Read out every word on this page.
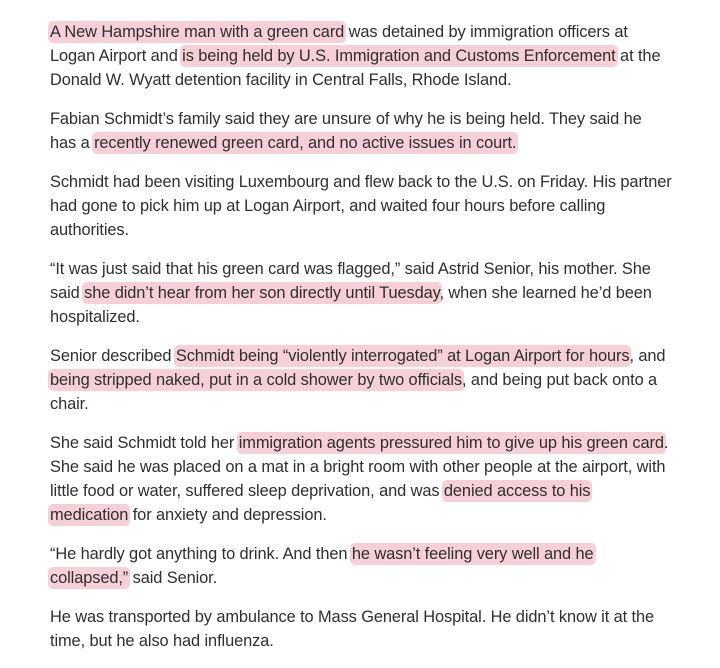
A New Hampshire man with a green card was detained by immigration officers at Logan Airport and is being held by U.S. Immigration and Customs Enforcement at the Donald W. Wyatt detention facility in Central Falls, Rhode Island.

Fabian Schmidt’s family said they are unsure of why he is being held. They said he has a recently renewed green card, and no active issues in court.

Schmidt had been visiting Luxembourg and flew back to the U.S. on Friday. His partner had gone to pick him up at Logan Airport, and waited four hours before calling authorities.

“It was just said that his green card was flagged,” said Astrid Senior, his mother. She said she didn’t hear from her son directly until Tuesday, when she learned he’d been hospitalized.

Senior described Schmidt being “violently interrogated” at Logan Airport for hours, and being stripped naked, put in a cold shower by two officials, and being put back onto a chair.

She said Schmidt told her immigration agents pressured him to give up his green card. She said he was placed on a mat in a bright room with other people at the airport, with little food or water, suffered sleep deprivation, and was denied access to his medication for anxiety and depression.

“He hardly got anything to drink. And then he wasn’t feeling very well and he collapsed,” said Senior.

He was transported by ambulance to Mass General Hospital. He didn’t know it at the time, but he also had influenza.
